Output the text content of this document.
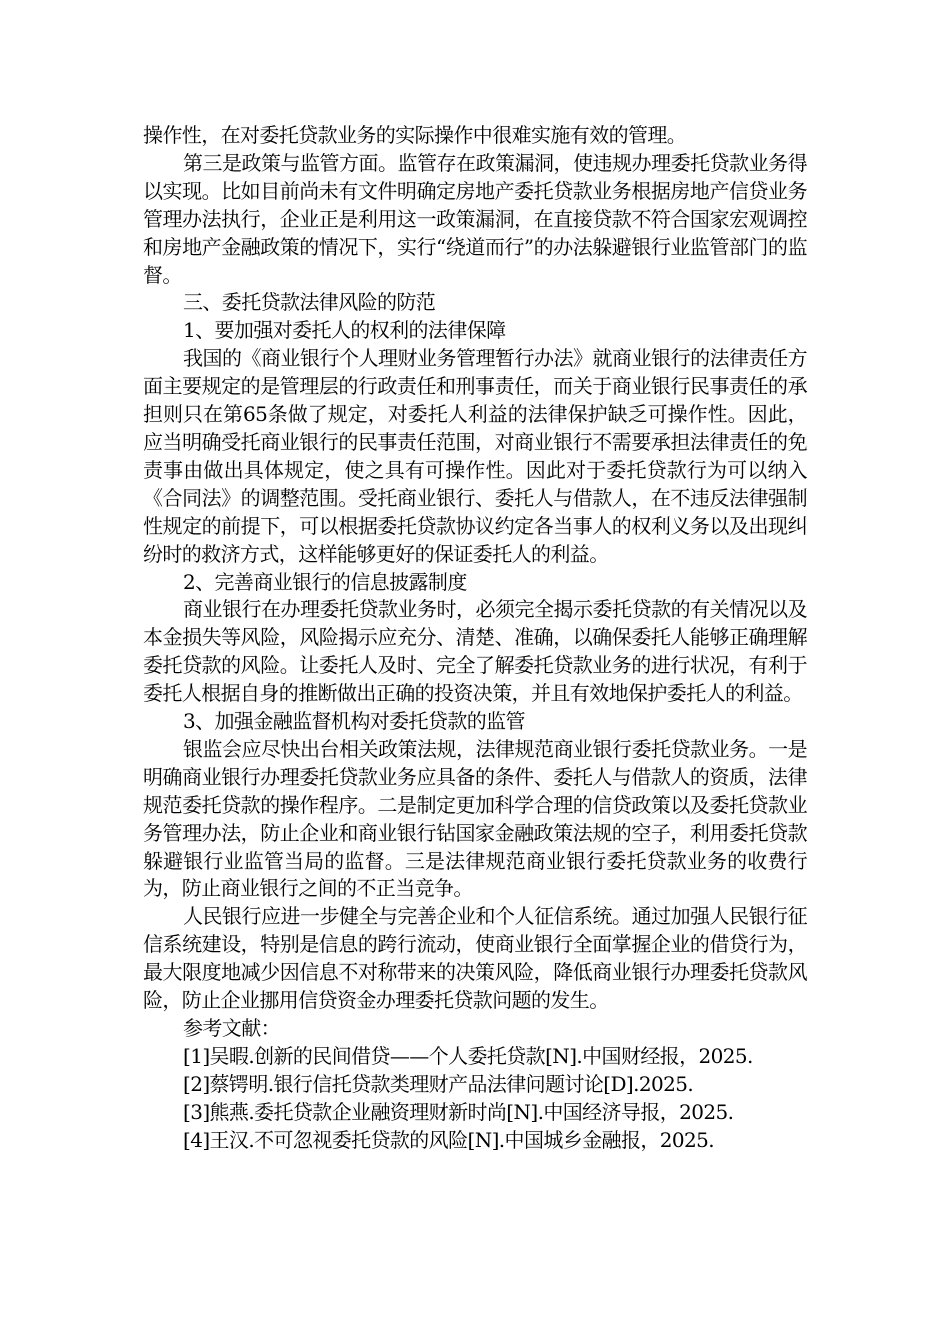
操作性，在对委托贷款业务的实际操作中很难实施有效的管理。

第三是政策与监管方面。监管存在政策漏洞，使违规办理委托贷款业务得以实现。比如目前尚未有文件明确定房地产委托贷款业务根据房地产信贷业务管理办法执行，企业正是利用这一政策漏洞，在直接贷款不符合国家宏观调控和房地产金融政策的情况下，实行“绕道而行”的办法躲避银行业监管部门的监督。

三、委托贷款法律风险的防范

1、要加强对委托人的权利的法律保障

我国的《商业银行个人理财业务管理暂行办法》就商业银行的法律责任方面主要规定的是管理层的行政责任和刑事责任，而关于商业银行民事责任的承担则只在第65条做了规定，对委托人利益的法律保护缺乏可操作性。因此，应当明确受托商业银行的民事责任范围，对商业银行不需要承担法律责任的免责事由做出具体规定，使之具有可操作性。因此对于委托贷款行为可以纳入《合同法》的调整范围。受托商业银行、委托人与借款人，在不违反法律强制性规定的前提下，可以根据委托贷款协议约定各当事人的权利义务以及出现纠纷时的救济方式，这样能够更好的保证委托人的利益。

2、完善商业银行的信息披露制度

商业银行在办理委托贷款业务时，必须完全揭示委托贷款的有关情况以及本金损失等风险，风险揭示应充分、清楚、准确，以确保委托人能够正确理解委托贷款的风险。让委托人及时、完全了解委托贷款业务的进行状况，有利于委托人根据自身的推断做出正确的投资决策，并且有效地保护委托人的利益。

3、加强金融监督机构对委托贷款的监管

银监会应尽快出台相关政策法规，法律规范商业银行委托贷款业务。一是明确商业银行办理委托贷款业务应具备的条件、委托人与借款人的资质，法律规范委托贷款的操作程序。二是制定更加科学合理的信贷政策以及委托贷款业务管理办法，防止企业和商业银行钻国家金融政策法规的空子，利用委托贷款躲避银行业监管当局的监督。三是法律规范商业银行委托贷款业务的收费行为，防止商业银行之间的不正当竞争。

人民银行应进一步健全与完善企业和个人征信系统。通过加强人民银行征信系统建设，特别是信息的跨行流动，使商业银行全面掌握企业的借贷行为，最大限度地减少因信息不对称带来的决策风险，降低商业银行办理委托贷款风险，防止企业挪用信贷资金办理委托贷款问题的发生。

参考文献：

[1]吴暇.创新的民间借贷——个人委托贷款[N].中国财经报，2025.

[2]蔡锷明.银行信托贷款类理财产品法律问题讨论[D].2025.

[3]熊燕.委托贷款企业融资理财新时尚[N].中国经济导报，2025.

[4]王汉.不可忽视委托贷款的风险[N].中国城乡金融报，2025.
